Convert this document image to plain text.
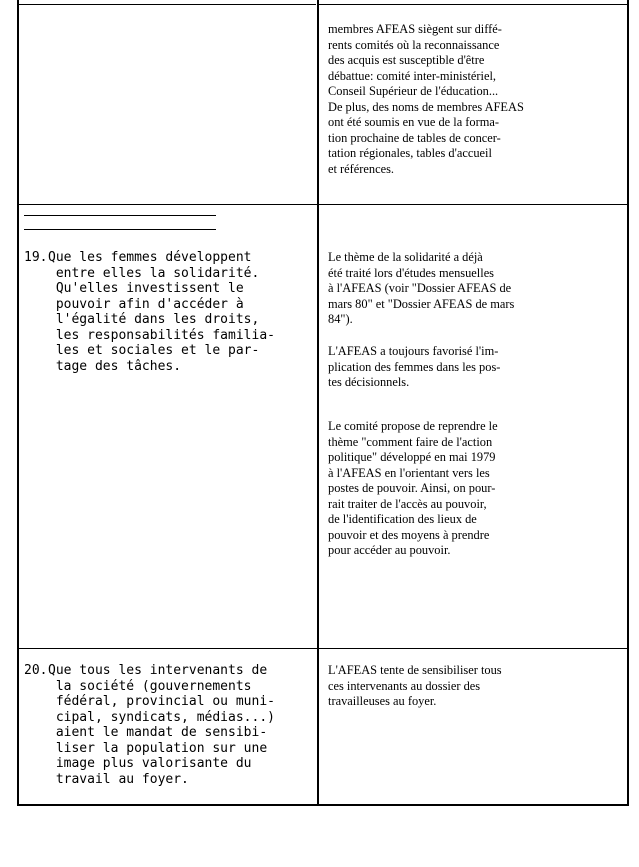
membres AFEAS siègent sur diffé-
rents comités où la reconnaissance
des acquis est susceptible d'être
débattue: comité inter-ministériel,
Conseil Supérieur de l'éducation...
De plus, des noms de membres AFEAS
ont été soumis en vue de la forma-
tion prochaine de tables de concer-
tation régionales, tables d'accueil
et références.
19. Que les femmes développent
entre elles la solidarité.
Qu'elles investissent le
pouvoir afin d'accéder à
l'égalité dans les droits,
les responsabilités familia-
les et sociales et le par-
tage des tâches.
Le thème de la solidarité a déjà
été traité lors d'études mensuelles
à l'AFEAS (voir "Dossier AFEAS de
mars 80" et "Dossier AFEAS de mars
84").
L'AFEAS a toujours favorisé l'im-
plication des femmes dans les pos-
tes décisionnels.
Le comité propose de reprendre le
thème "comment faire de l'action
politique" développé en mai 1979
à l'AFEAS en l'orientant vers les
postes de pouvoir. Ainsi, on pour-
rait traiter de l'accès au pouvoir,
de l'identification des lieux de
pouvoir et des moyens à prendre
pour accéder au pouvoir.
20. Que tous les intervenants de
la société (gouvernements
fédéral, provincial ou muni-
cipal, syndicats, médias...)
aient le mandat de sensibi-
liser la population sur une
image plus valorisante du
travail au foyer.
L'AFEAS tente de sensibiliser tous
ces intervenants au dossier des
travailleuses au foyer.
